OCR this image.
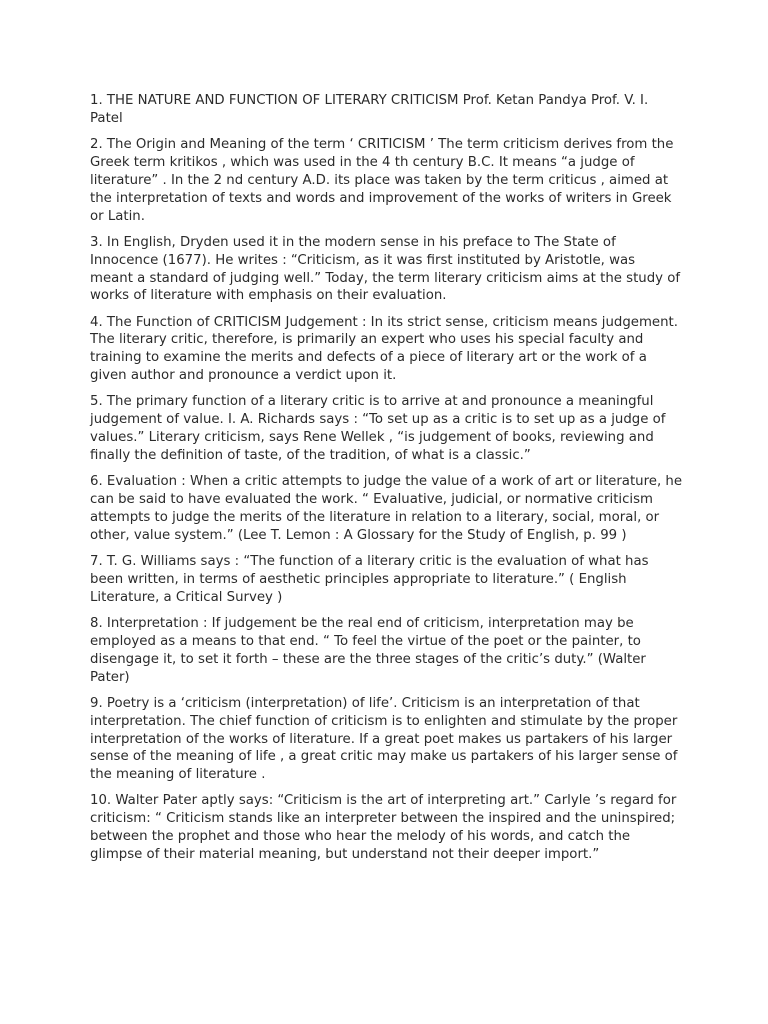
1. THE NATURE AND FUNCTION OF LITERARY CRITICISM Prof. Ketan Pandya Prof. V. I. Patel

2. The Origin and Meaning of the term ‘ CRITICISM ’ The term criticism derives from the Greek term kritikos , which was used in the 4 th century B.C. It means “a judge of literature” . In the 2 nd century A.D. its place was taken by the term criticus , aimed at the interpretation of texts and words and improvement of the works of writers in Greek or Latin.

3. In English, Dryden used it in the modern sense in his preface to The State of Innocence (1677). He writes : “Criticism, as it was first instituted by Aristotle, was meant a standard of judging well.” Today, the term literary criticism aims at the study of works of literature with emphasis on their evaluation.

4. The Function of CRITICISM Judgement : In its strict sense, criticism means judgement. The literary critic, therefore, is primarily an expert who uses his special faculty and training to examine the merits and defects of a piece of literary art or the work of a given author and pronounce a verdict upon it.

5. The primary function of a literary critic is to arrive at and pronounce a meaningful judgement of value. I. A. Richards says : “To set up as a critic is to set up as a judge of values.” Literary criticism, says Rene Wellek , “is judgement of books, reviewing and finally the definition of taste, of the tradition, of what is a classic.”

6. Evaluation : When a critic attempts to judge the value of a work of art or literature, he can be said to have evaluated the work. “ Evaluative, judicial, or normative criticism attempts to judge the merits of the literature in relation to a literary, social, moral, or other, value system.” (Lee T. Lemon : A Glossary for the Study of English, p. 99 )

7. T. G. Williams says : “The function of a literary critic is the evaluation of what has been written, in terms of aesthetic principles appropriate to literature.” ( English Literature, a Critical Survey )

8. Interpretation : If judgement be the real end of criticism, interpretation may be employed as a means to that end. “ To feel the virtue of the poet or the painter, to disengage it, to set it forth – these are the three stages of the critic’s duty.” (Walter Pater)

9. Poetry is a ‘criticism (interpretation) of life’. Criticism is an interpretation of that interpretation. The chief function of criticism is to enlighten and stimulate by the proper interpretation of the works of literature. If a great poet makes us partakers of his larger sense of the meaning of life , a great critic may make us partakers of his larger sense of the meaning of literature .

10. Walter Pater aptly says: “Criticism is the art of interpreting art.” Carlyle ’s regard for criticism: “ Criticism stands like an interpreter between the inspired and the uninspired; between the prophet and those who hear the melody of his words, and catch the glimpse of their material meaning, but understand not their deeper import.”
